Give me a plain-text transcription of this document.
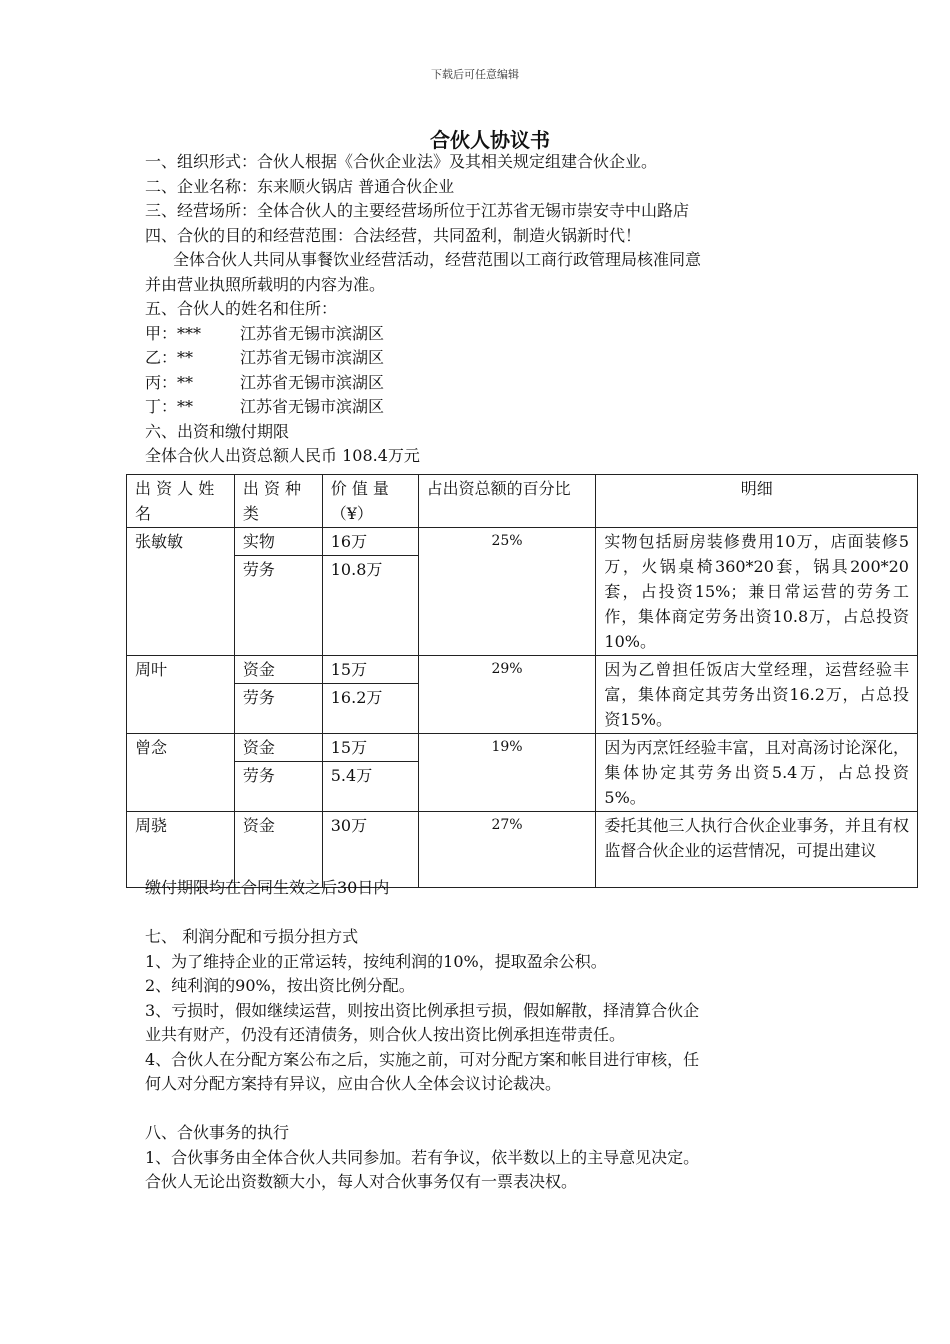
下载后可任意编辑
合伙人协议书
一、组织形式：合伙人根据《合伙企业法》及其相关规定组建合伙企业。
二、企业名称：东来顺火锅店 普通合伙企业
三、经营场所：全体合伙人的主要经营场所位于江苏省无锡市崇安寺中山路店
四、合伙的目的和经营范围：合法经营，共同盈利，制造火锅新时代！
全体合伙人共同从事餐饮业经营活动，经营范围以工商行政管理局核准同意
并由营业执照所载明的内容为准。
五、合伙人的姓名和住所：
甲：***	江苏省无锡市滨湖区
乙：**	江苏省无锡市滨湖区
丙：**	江苏省无锡市滨湖区
丁：**	江苏省无锡市滨湖区
六、出资和缴付期限
全体合伙人出资总额人民币 108.4万元
出 资 人 姓 名	出 资 种 类	价 值 量（¥）	占出资总额的百分比	明细
张敏敏	实物	16万	25%	实物包括厨房装修费用10万，店面装修5万，火锅桌椅360*20套，锅具200*20套，占投资15%；兼日常运营的劳务工作，集体商定劳务出资10.8万，占总投资10%。
	劳务	10.8万		
周叶	资金	15万	29%	因为乙曾担任饭店大堂经理，运营经验丰富，集体商定其劳务出资16.2万，占总投资15%。
	劳务	16.2万		
曾念	资金	15万	19%	因为丙烹饪经验丰富，且对高汤讨论深化，集体协定其劳务出资5.4万，占总投资5%。
	劳务	5.4万		
周骁	资金	30万	27%	委托其他三人执行合伙企业事务，并且有权监督合伙企业的运营情况，可提出建议
缴付期限均在合同生效之后30日内
七、 利润分配和亏损分担方式
1、为了维持企业的正常运转，按纯利润的10%，提取盈余公积。
2、纯利润的90%，按出资比例分配。
3、亏损时，假如继续运营，则按出资比例承担亏损，假如解散，择清算合伙企
业共有财产，仍没有还清债务，则合伙人按出资比例承担连带责任。
4、合伙人在分配方案公布之后，实施之前，可对分配方案和帐目进行审核，任
何人对分配方案持有异议，应由合伙人全体会议讨论裁决。
八、合伙事务的执行
1、合伙事务由全体合伙人共同参加。若有争议，依半数以上的主导意见决定。
合伙人无论出资数额大小，每人对合伙事务仅有一票表决权。
